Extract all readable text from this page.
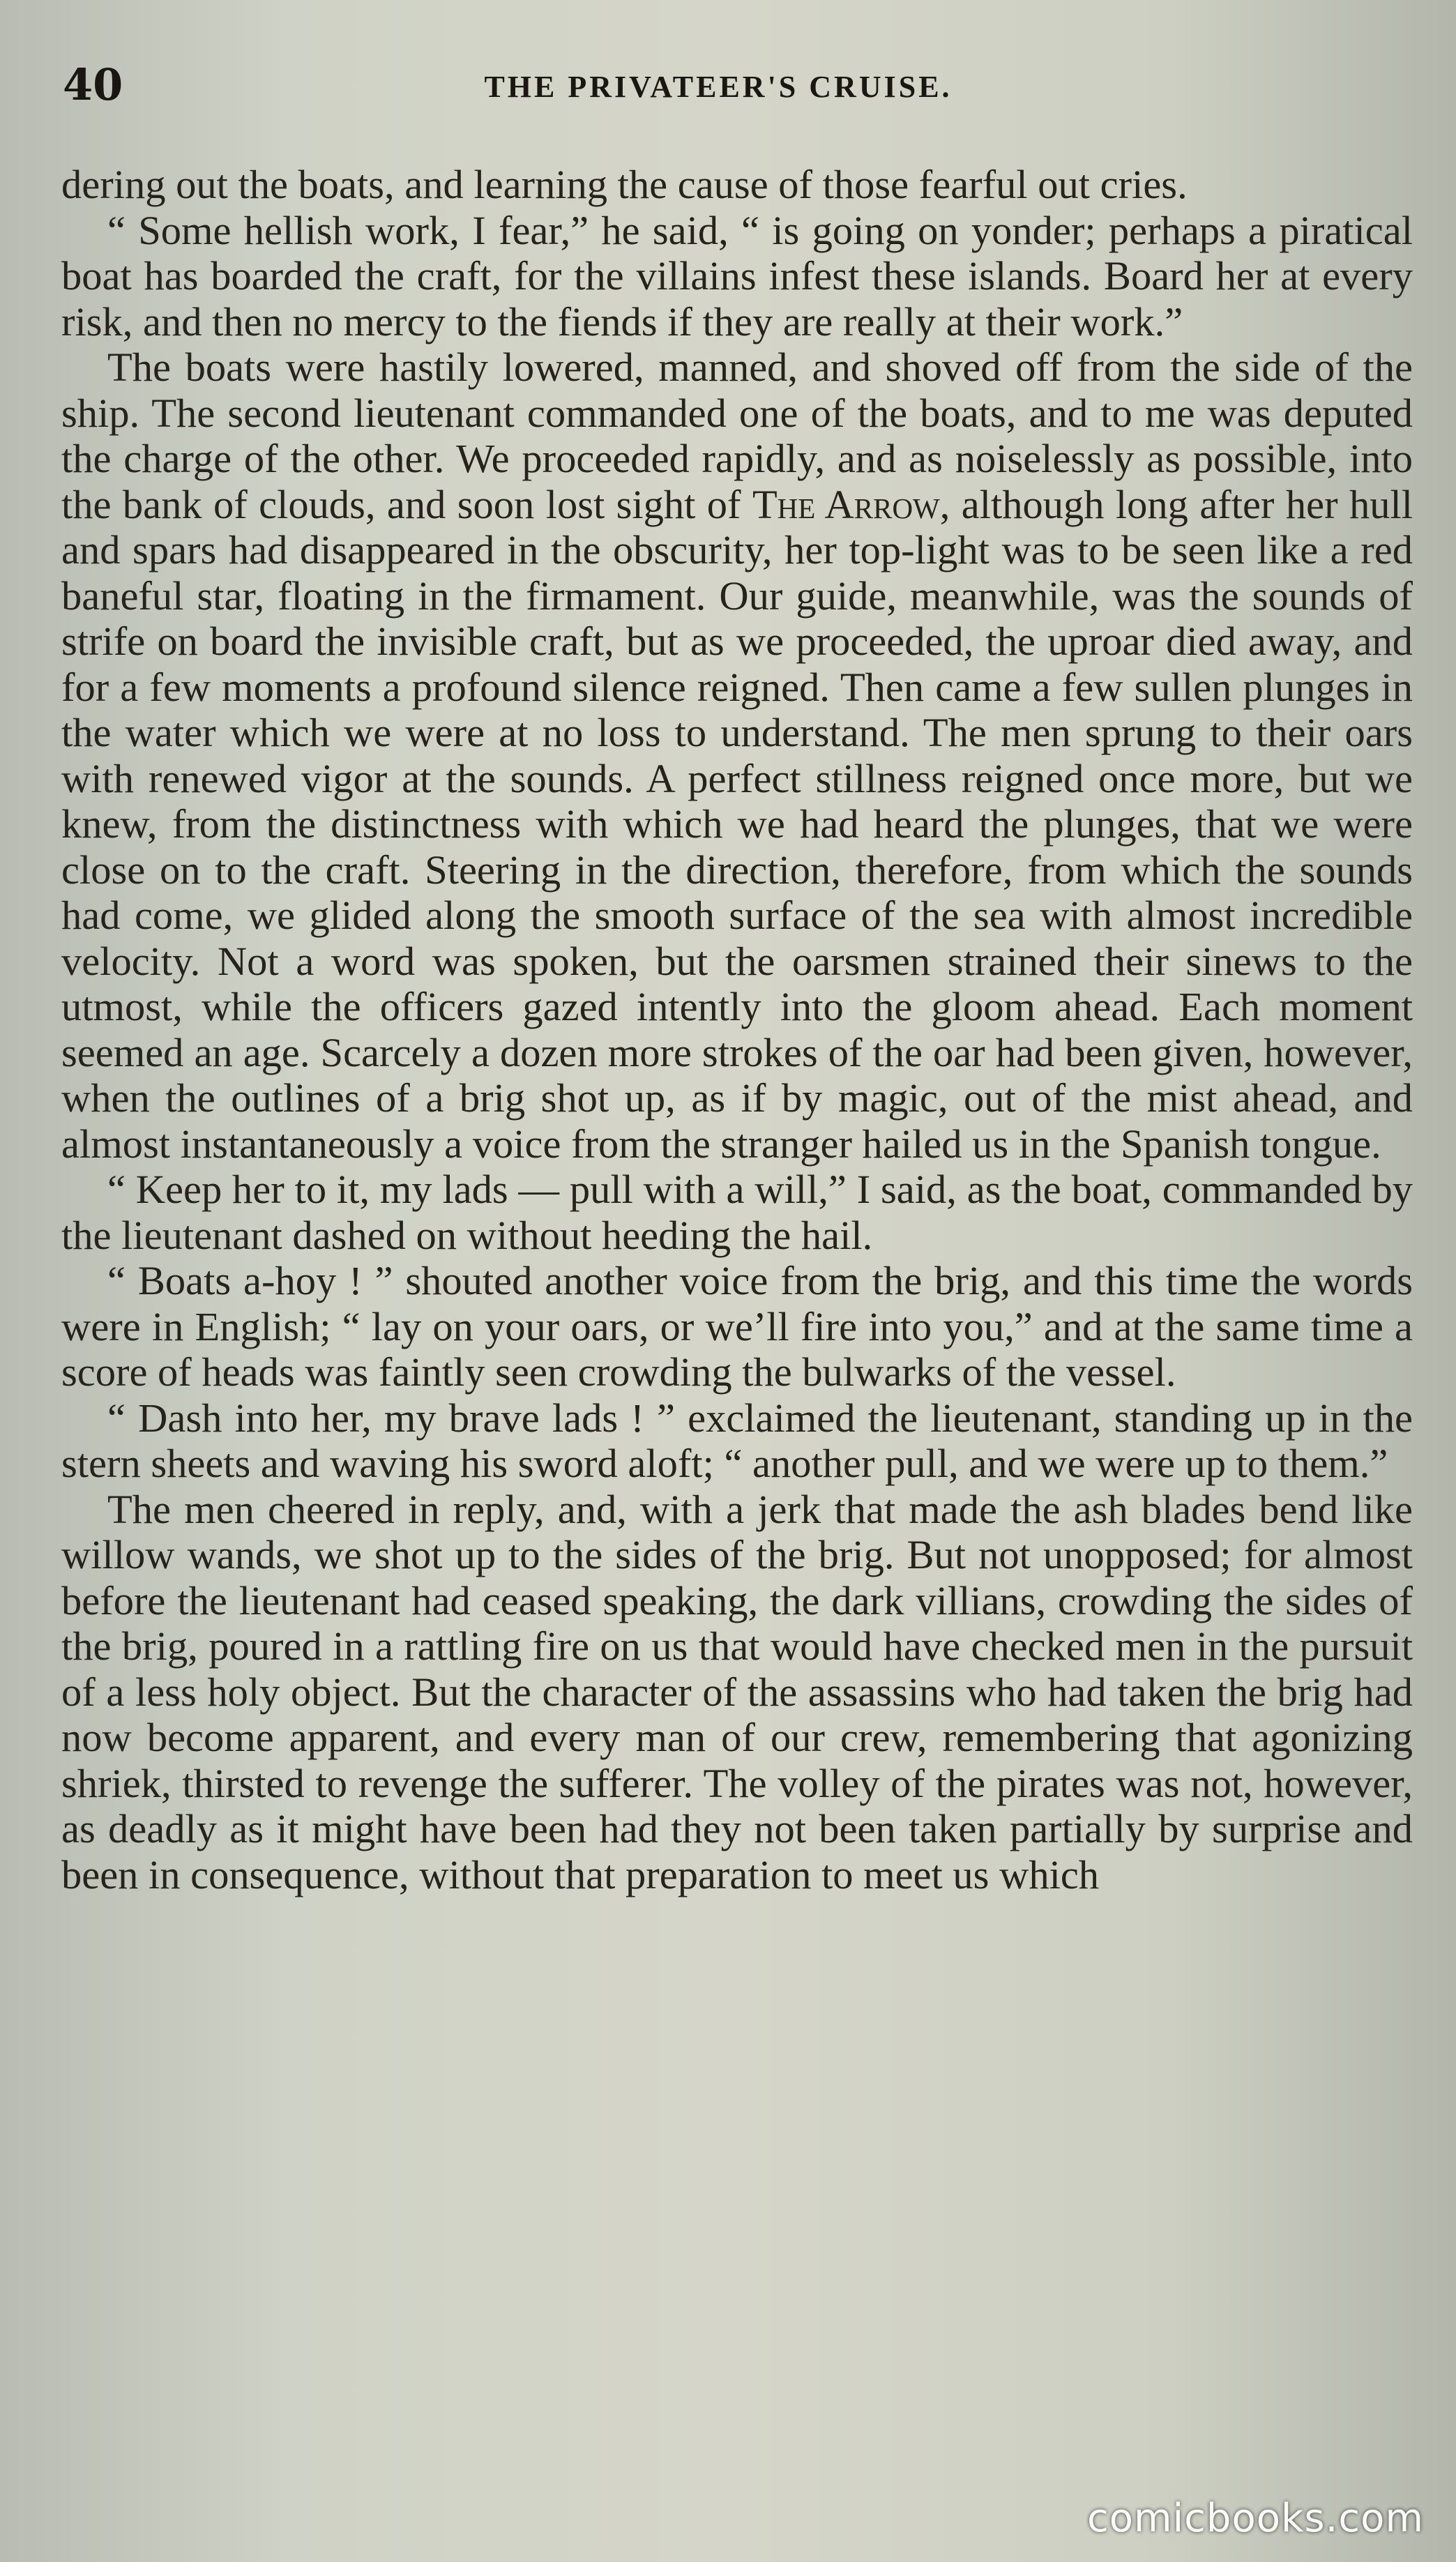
40	THE PRIVATEER'S CRUISE.

dering out the boats, and learning the cause of those fearful out cries.

“ Some hellish work, I fear,” he said, “ is going on yonder; perhaps a piratical boat has boarded the craft, for the villains infest these islands. Board her at every risk, and then no mercy to the fiends if they are really at their work.”

The boats were hastily lowered, manned, and shoved off from the side of the ship. The second lieutenant commanded one of the boats, and to me was deputed the charge of the other. We proceeded rapidly, and as noiselessly as possible, into the bank of clouds, and soon lost sight of The Arrow, although long after her hull and spars had disappeared in the obscurity, her top-light was to be seen like a red baneful star, floating in the firmament. Our guide, meanwhile, was the sounds of strife on board the invisible craft, but as we proceeded, the uproar died away, and for a few moments a profound silence reigned. Then came a few sullen plunges in the water which we were at no loss to understand. The men sprung to their oars with renewed vigor at the sounds. A perfect stillness reigned once more, but we knew, from the distinctness with which we had heard the plunges, that we were close on to the craft. Steering in the direction, therefore, from which the sounds had come, we glided along the smooth surface of the sea with almost incredible velocity. Not a word was spoken, but the oarsmen strained their sinews to the utmost, while the officers gazed intently into the gloom ahead. Each moment seemed an age. Scarcely a dozen more strokes of the oar had been given, however, when the outlines of a brig shot up, as if by magic, out of the mist ahead, and almost instantaneously a voice from the stranger hailed us in the Spanish tongue.

“ Keep her to it, my lads — pull with a will,” I said, as the boat, commanded by the lieutenant dashed on without heeding the hail.

“ Boats a-hoy ! ” shouted another voice from the brig, and this time the words were in English; “ lay on your oars, or we’ll fire into you,” and at the same time a score of heads was faintly seen crowding the bulwarks of the vessel.

“ Dash into her, my brave lads ! ” exclaimed the lieutenant, standing up in the stern sheets and waving his sword aloft; “ another pull, and we were up to them.”

The men cheered in reply, and, with a jerk that made the ash blades bend like willow wands, we shot up to the sides of the brig. But not unopposed; for almost before the lieutenant had ceased speaking, the dark villians, crowding the sides of the brig, poured in a rattling fire on us that would have checked men in the pursuit of a less holy object. But the character of the assassins who had taken the brig had now become apparent, and every man of our crew, remembering that agonizing shriek, thirsted to revenge the sufferer. The volley of the pirates was not, however, as deadly as it might have been had they not been taken partially by surprise and been in consequence, without that preparation to meet us which

comicbooks.com
